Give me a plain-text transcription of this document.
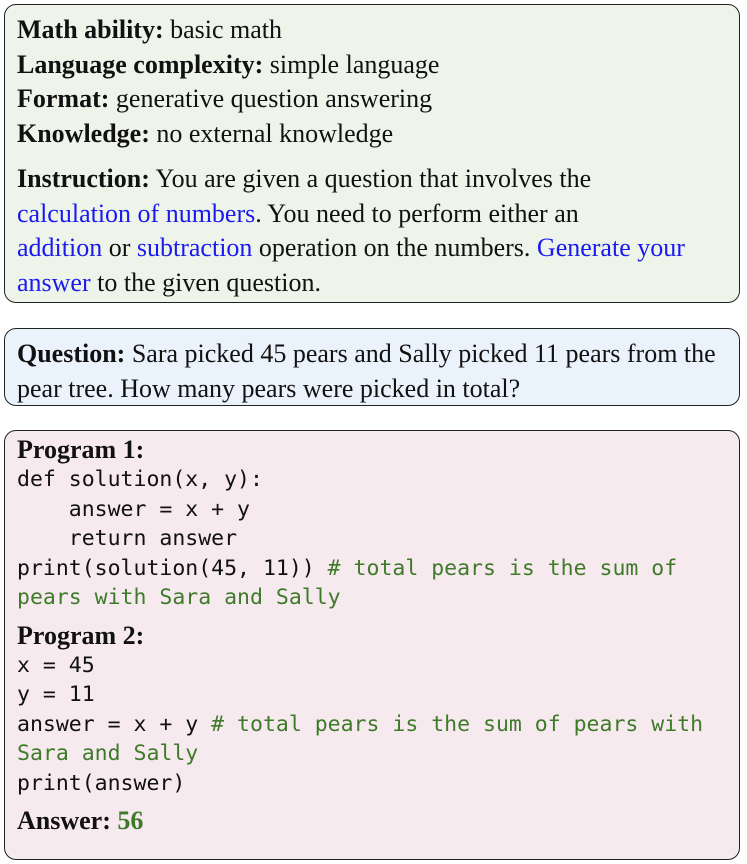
Math ability: basic math
Language complexity: simple language
Format: generative question answering
Knowledge: no external knowledge
Instruction: You are given a question that involves the
calculation of numbers. You need to perform either an
addition or subtraction operation on the numbers. Generate your answer to the given question.
Question: Sara picked 45 pears and Sally picked 11 pears from the pear tree. How many pears were picked in total?
Program 1:
def solution(x, y):
answer = x + y
return answer
print(solution(45, 11)) # total pears is the sum of
pears with Sara and Sally
Program 2:
x = 45
y = 11
answer = x + y # total pears is the sum of pears with
Sara and Sally
print(answer)
Answer: 56
